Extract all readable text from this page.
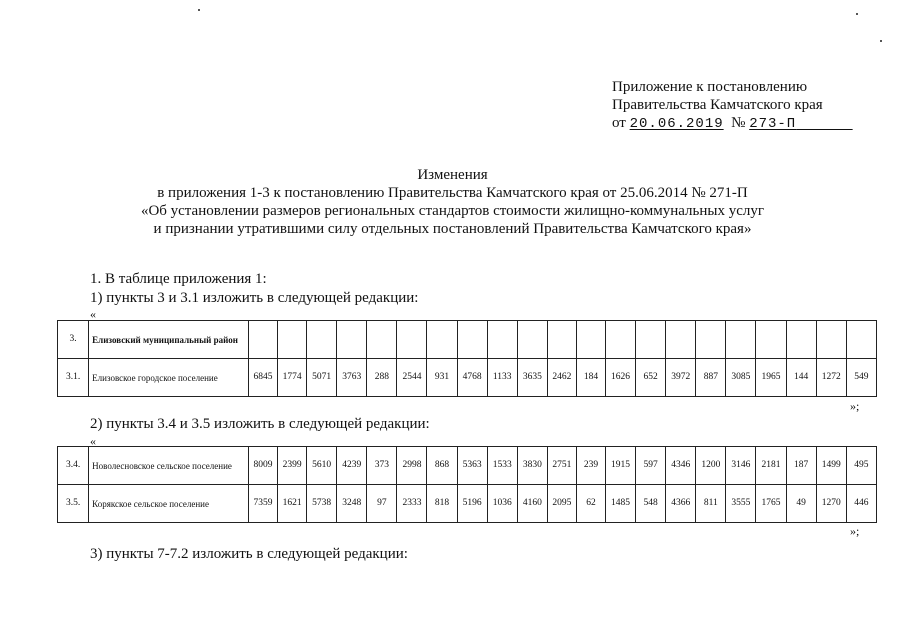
Приложение к постановлению
Правительства Камчатского края
от 20.06.2019 № 273-П
Изменения
в приложения 1-3 к постановлению Правительства Камчатского края от 25.06.2014 № 271-П
«Об установлении размеров региональных стандартов стоимости жилищно-коммунальных услуг
и признании утратившими силу отдельных постановлений Правительства Камчатского края»
1. В таблице приложения 1:
1) пункты 3 и 3.1 изложить в следующей редакции:
«
3.	Елизовский муниципальный район																					
3.1.	Елизовское городское поселение	6845	1774	5071	3763	288	2544	931	4768	1133	3635	2462	184	1626	652	3972	887	3085	1965	144	1272	549
»;
2) пункты 3.4 и 3.5 изложить в следующей редакции:
«
3.4.	Новолесновское сельское поселение	8009	2399	5610	4239	373	2998	868	5363	1533	3830	2751	239	1915	597	4346	1200	3146	2181	187	1499	495
3.5.	Корякское сельское поселение	7359	1621	5738	3248	97	2333	818	5196	1036	4160	2095	62	1485	548	4366	811	3555	1765	49	1270	446
»;
3) пункты 7-7.2 изложить в следующей редакции:
